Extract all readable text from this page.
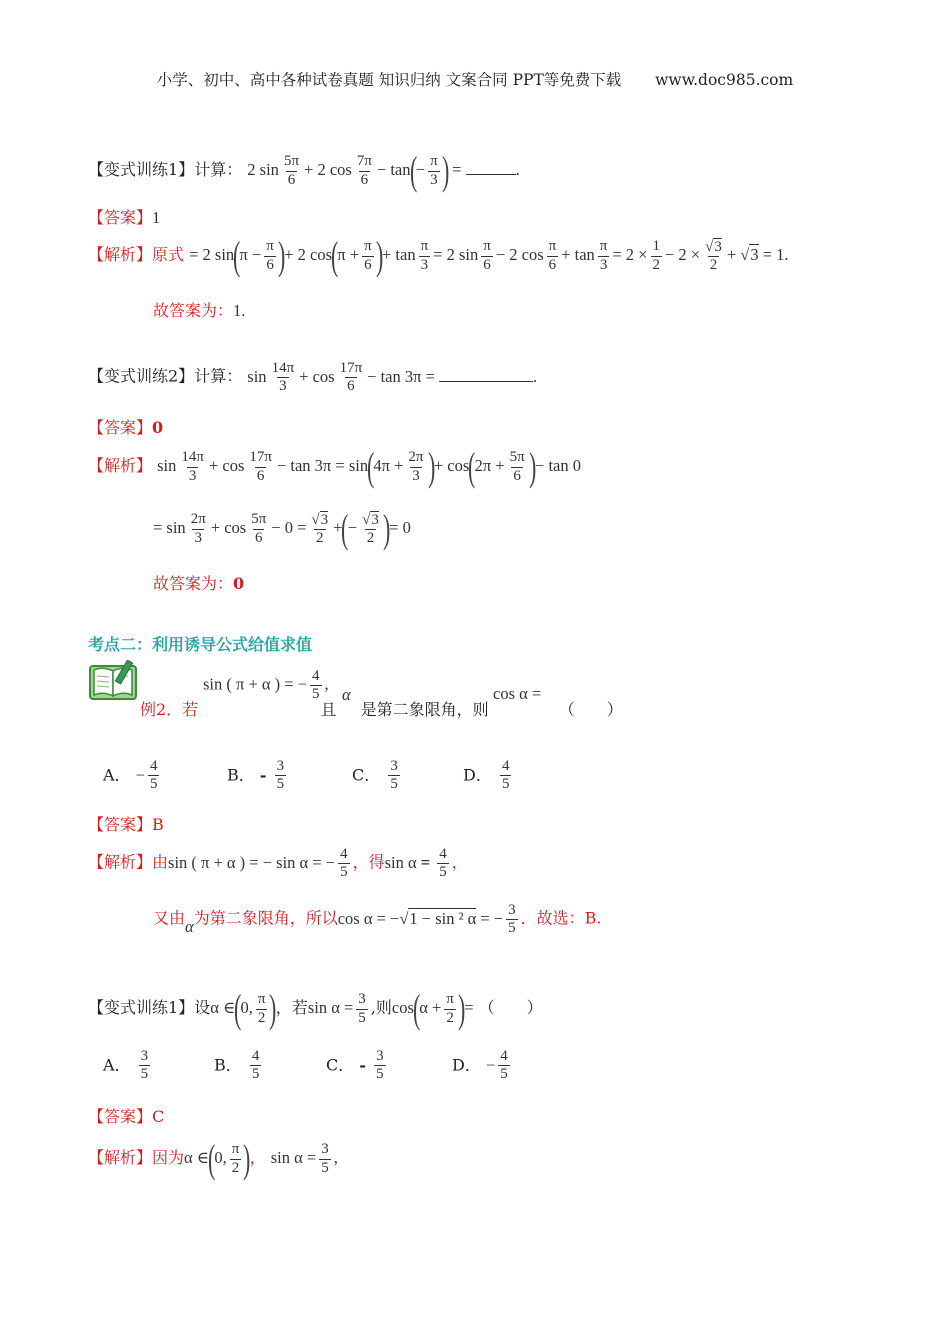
小学、初中、高中各种试卷真题 知识归纳 文案合同 PPT等免费下载 www.doc985.com
【变式训练1】计算： 2 $\sin \frac{5\pi}{6} + 2$ $\cos \frac{7\pi}{6} - \tan(- \frac{\pi}{3}$ ) =	.
【答案】1
【解析】原式 = 2 $\sin(\pi - \frac{\pi}{6}$ )+ 2 $\cos(\pi + \frac{\pi}{6}$ )+ $\tan \frac{\pi}{3} = 2$ $\sin \frac{\pi}{6} - 2$ $\cos \frac{\pi}{6} + \tan \frac{\pi}{3} = 2 \times \frac{1}{2} - 2 \times \frac{√3}{2} + √3 = 1$.
故答案为：1.
【变式训练2】计算： $\sin \frac{14\pi}{3} + \cos \frac{17\pi}{6} - \tan 3\pi$ =	.
【答案】0
【解析】 $\sin \frac{14\pi}{3} + \cos \frac{17\pi}{6} - \tan 3\pi = \sin(4\pi + \frac{2\pi}{3}$ )+ $\cos(2\pi + \frac{5\pi}{6}$ )− tan 0
= $\sin \frac{2\pi}{3} + \cos \frac{5\pi}{6} - 0 = \frac{√3}{2}$ +(− $\frac{√3}{2}$ )= 0
故答案为：0
考点二：利用诱导公式给值求值
sin ( π + α ) = − $\frac{4}{5}$ ,
α	cos α =
例2．若	且 是第二象限角，则	（　　）
A． − $\frac{4}{5}$	B． - $\frac{3}{5}$	C． $\frac{3}{5}$	D． $\frac{4}{5}$
【答案】B
【解析】由sin ( π + α ) = − sin α = − $\frac{4}{5}$ ，得$\sin \alpha = \frac{4}{5}$ ，
又由α为第二象限角，所以cos α = −√1 − sin ² α = − $\frac{3}{5}$ ．故选：B.
【变式训练1】设α ∈(0, $\frac{\pi}{2}$ )，若$\sin \alpha = \frac{3}{5}$ ,则$\cos(\alpha + \frac{\pi}{2}$ )= （　　）
A． $\frac{3}{5}$	B． $\frac{4}{5}$	C． - $\frac{3}{5}$	D． − $\frac{4}{5}$
【答案】C
【解析】因为α ∈(0, $\frac{\pi}{2}$ )， $\sin \alpha = \frac{3}{5}$ ,
